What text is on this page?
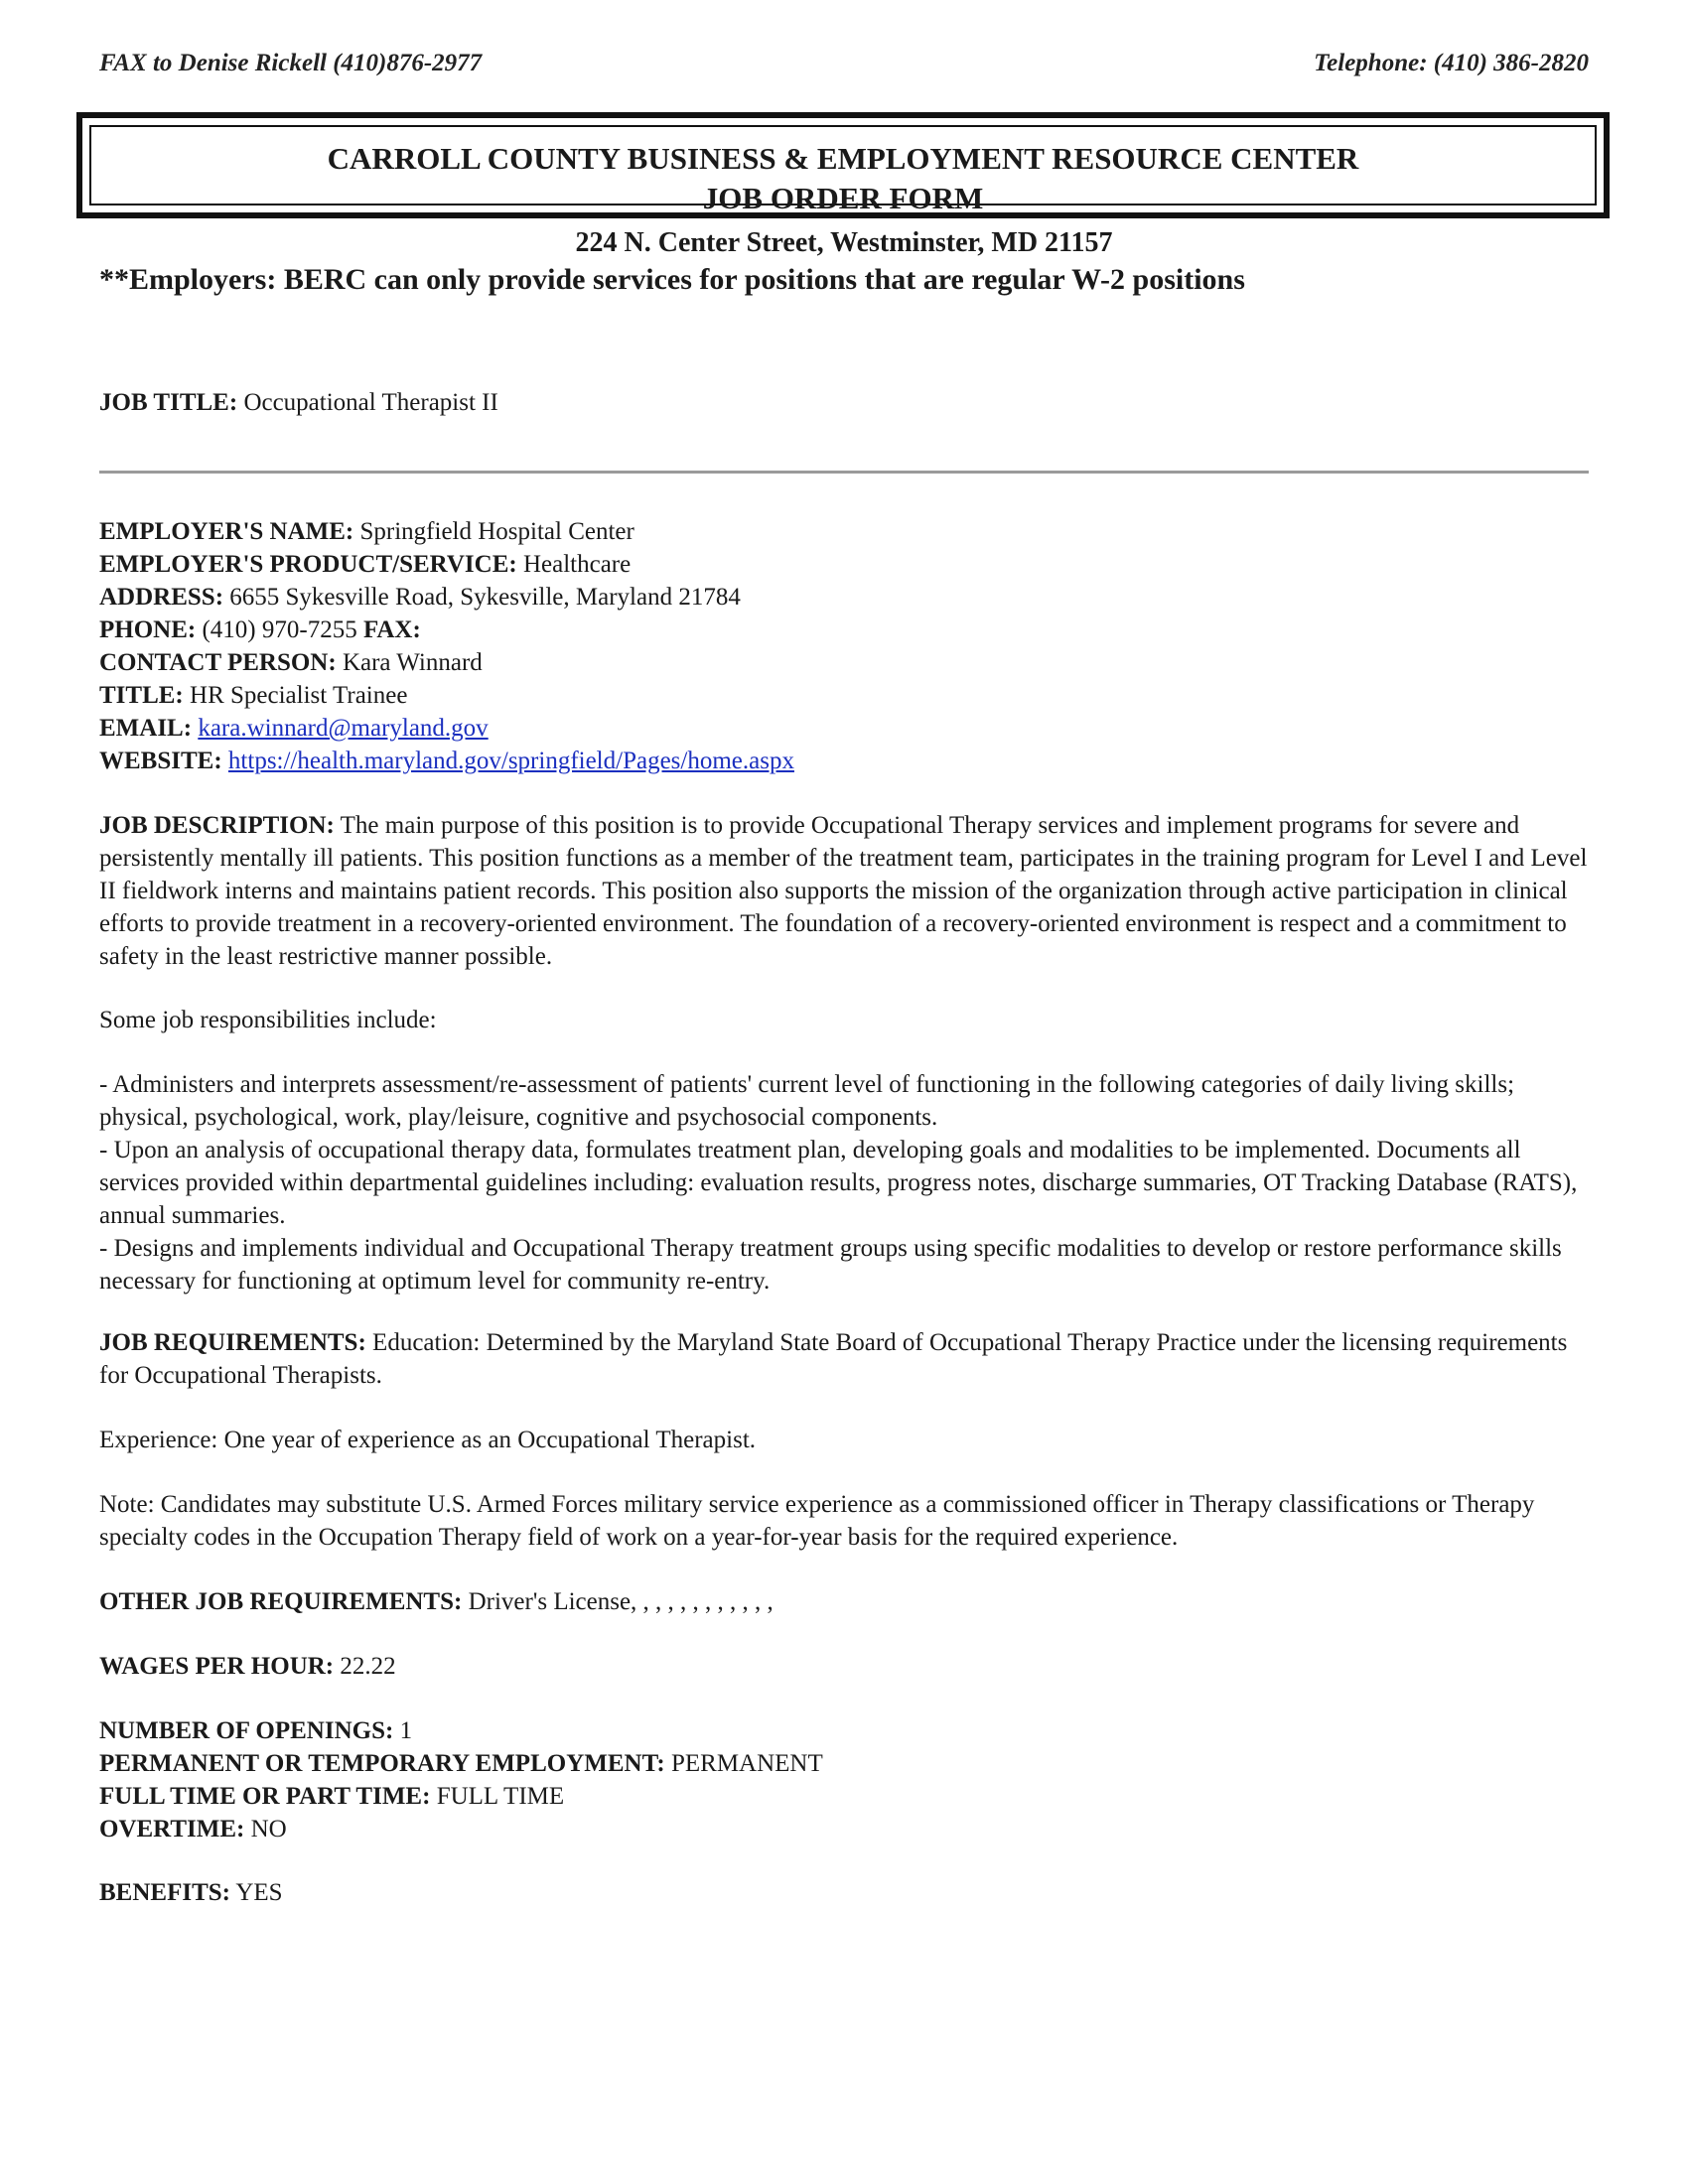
FAX to Denise Rickell (410)876-2977	Telephone: (410) 386-2820
CARROLL COUNTY BUSINESS & EMPLOYMENT RESOURCE CENTER
JOB ORDER FORM
224 N. Center Street, Westminster, MD 21157
**Employers: BERC can only provide services for positions that are regular W-2 positions
JOB TITLE: Occupational Therapist II
EMPLOYER'S NAME: Springfield Hospital Center
EMPLOYER'S PRODUCT/SERVICE: Healthcare
ADDRESS: 6655 Sykesville Road, Sykesville, Maryland 21784
PHONE: (410) 970-7255 FAX:
CONTACT PERSON: Kara Winnard
TITLE: HR Specialist Trainee
EMAIL: kara.winnard@maryland.gov
WEBSITE: https://health.maryland.gov/springfield/Pages/home.aspx

JOB DESCRIPTION: The main purpose of this position is to provide Occupational Therapy services and implement programs for severe and persistently mentally ill patients. This position functions as a member of the treatment team, participates in the training program for Level I and Level II fieldwork interns and maintains patient records. This position also supports the mission of the organization through active participation in clinical efforts to provide treatment in a recovery-oriented environment. The foundation of a recovery-oriented environment is respect and a commitment to safety in the least restrictive manner possible.

Some job responsibilities include:

- Administers and interprets assessment/re-assessment of patients' current level of functioning in the following categories of daily living skills; physical, psychological, work, play/leisure, cognitive and psychosocial components.

- Upon an analysis of occupational therapy data, formulates treatment plan, developing goals and modalities to be implemented. Documents all services provided within departmental guidelines including: evaluation results, progress notes, discharge summaries, OT Tracking Database (RATS), annual summaries.

- Designs and implements individual and Occupational Therapy treatment groups using specific modalities to develop or restore performance skills necessary for functioning at optimum level for community re-entry.

JOB REQUIREMENTS: Education: Determined by the Maryland State Board of Occupational Therapy Practice under the licensing requirements for Occupational Therapists.

Experience: One year of experience as an Occupational Therapist.
Note: Candidates may substitute U.S. Armed Forces military service experience as a commissioned officer in Therapy classifications or Therapy specialty codes in the Occupation Therapy field of work on a year-for-year basis for the required experience.
OTHER JOB REQUIREMENTS: Driver's License, , , , , , , , , , , ,
WAGES PER HOUR: 22.22
NUMBER OF OPENINGS: 1
PERMANENT OR TEMPORARY EMPLOYMENT: PERMANENT
FULL TIME OR PART TIME: FULL TIME
OVERTIME: NO
BENEFITS: YES
